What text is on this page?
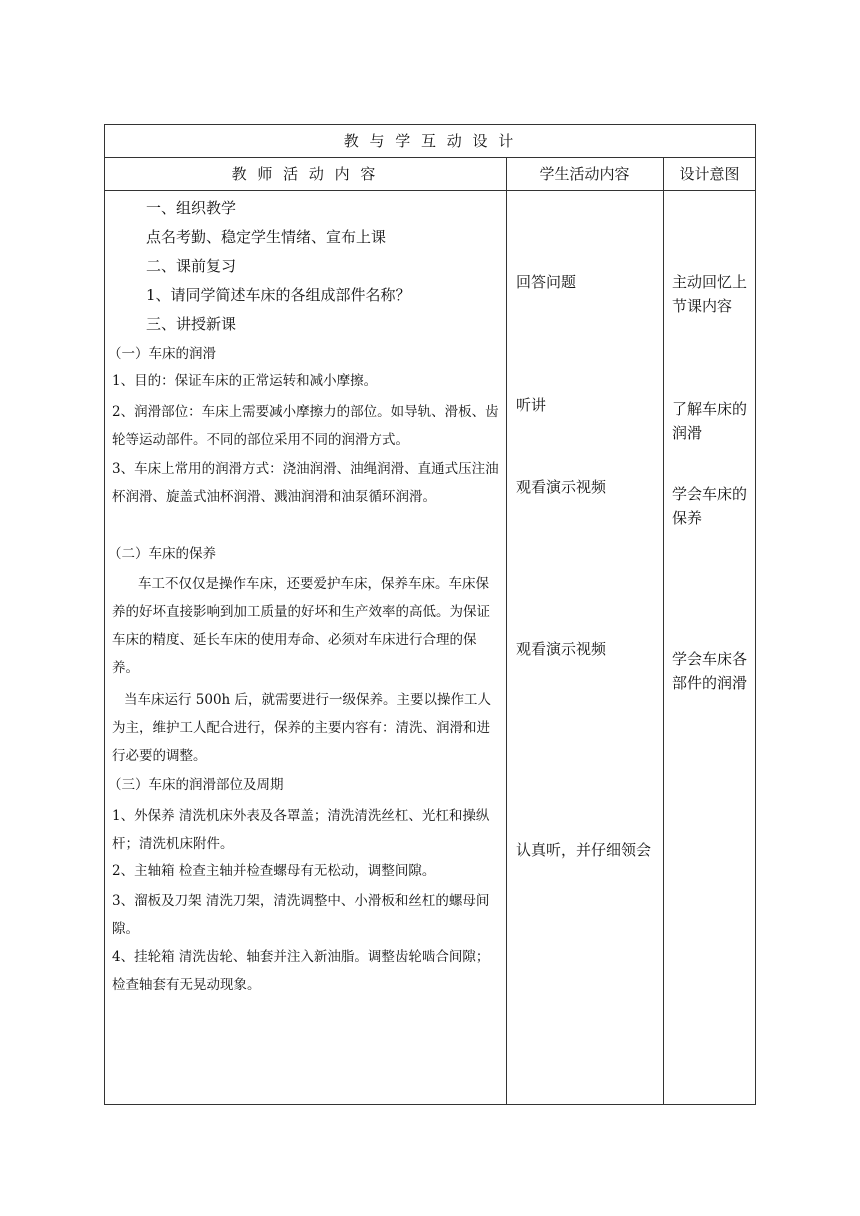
教 与 学 互 动 设 计
教 师 活 动 内 容	学生活动内容	设计意图
一、组织教学
点名考勤、稳定学生情绪、宣布上课
二、课前复习
1、请同学简述车床的各组成部件名称？
三、讲授新课
（一）车床的润滑
1、目的：保证车床的正常运转和减小摩擦。
2、润滑部位：车床上需要减小摩擦力的部位。如导轨、滑板、齿轮等运动部件。不同的部位采用不同的润滑方式。
3、车床上常用的润滑方式：浇油润滑、油绳润滑、直通式压注油杯润滑、旋盖式油杯润滑、溅油润滑和油泵循环润滑。
（二）车床的保养
车工不仅仅是操作车床，还要爱护车床，保养车床。车床保养的好坏直接影响到加工质量的好坏和生产效率的高低。为保证车床的精度、延长车床的使用寿命、必须对车床进行合理的保养。
当车床运行 500h 后，就需要进行一级保养。主要以操作工人为主，维护工人配合进行，保养的主要内容有：清洗、润滑和进行必要的调整。
（三）车床的润滑部位及周期
1、外保养 清洗机床外表及各罩盖；清洗清洗丝杠、光杠和操纵杆；清洗机床附件。
2、主轴箱 检查主轴并检查螺母有无松动，调整间隙。
3、溜板及刀架 清洗刀架，清洗调整中、小滑板和丝杠的螺母间隙。
4、挂轮箱 清洗齿轮、轴套并注入新油脂。调整齿轮啮合间隙；检查轴套有无晃动现象。
回答问题
听讲
观看演示视频
观看演示视频
认真听，并仔细领会
主动回忆上节课内容
了解车床的润滑
学会车床的保养
学会车床各部件的润滑
